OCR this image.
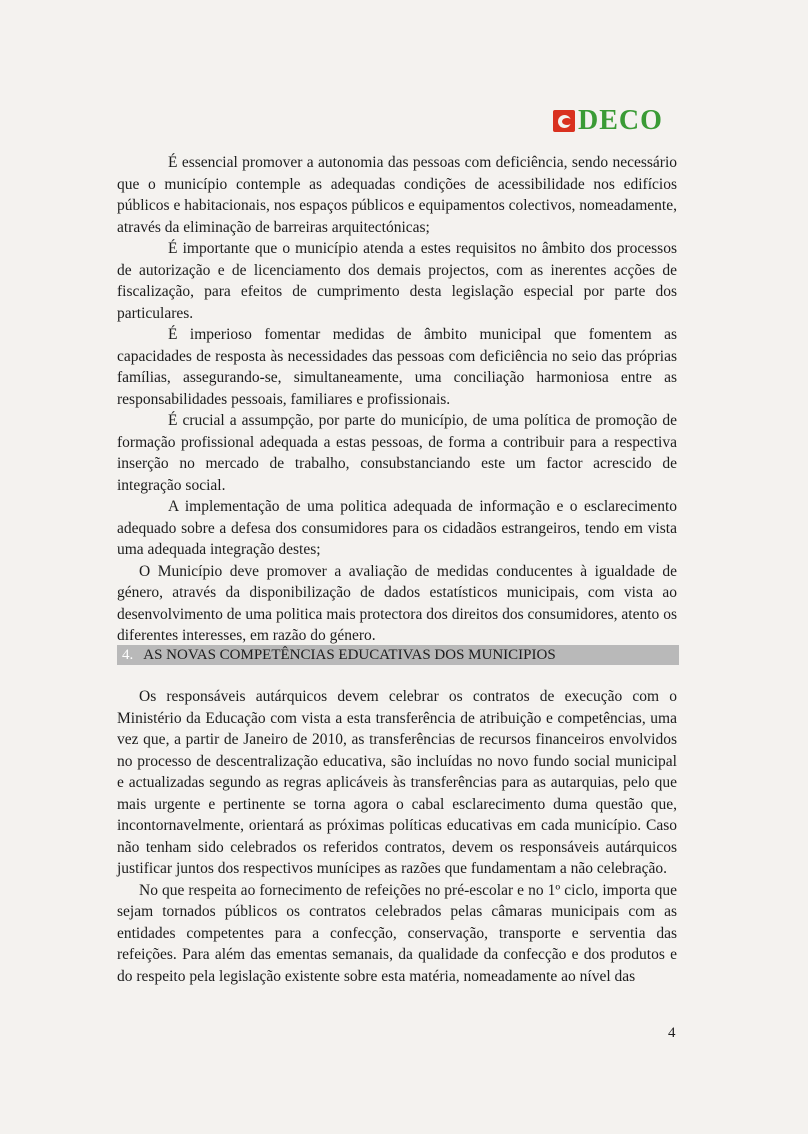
DECO

É essencial promover a autonomia das pessoas com deficiência, sendo necessário que o município contemple as adequadas condições de acessibilidade nos edifícios públicos e habitacionais, nos espaços públicos e equipamentos colectivos, nomeadamente, através da eliminação de barreiras arquitectónicas;

É importante que o município atenda a estes requisitos no âmbito dos processos de autorização e de licenciamento dos demais projectos, com as inerentes acções de fiscalização, para efeitos de cumprimento desta legislação especial por parte dos particulares.

É imperioso fomentar medidas de âmbito municipal que fomentem as capacidades de resposta às necessidades das pessoas com deficiência no seio das próprias famílias, assegurando-se, simultaneamente, uma conciliação harmoniosa entre as responsabilidades pessoais, familiares e profissionais.

É crucial a assumpção, por parte do município, de uma política de promoção de formação profissional adequada a estas pessoas, de forma a contribuir para a respectiva inserção no mercado de trabalho, consubstanciando este um factor acrescido de integração social.

A implementação de uma politica adequada de informação e o esclarecimento adequado sobre a defesa dos consumidores para os cidadãos estrangeiros, tendo em vista uma adequada integração destes;

O Município deve promover a avaliação de medidas conducentes à igualdade de género, através da disponibilização de dados estatísticos municipais, com vista ao desenvolvimento de uma politica mais protectora dos direitos dos consumidores, atento os diferentes interesses, em razão do género.

4. AS NOVAS COMPETÊNCIAS EDUCATIVAS DOS MUNICIPIOS

Os responsáveis autárquicos devem celebrar os contratos de execução com o Ministério da Educação com vista a esta transferência de atribuição e competências, uma vez que, a partir de Janeiro de 2010, as transferências de recursos financeiros envolvidos no processo de descentralização educativa, são incluídas no novo fundo social municipal e actualizadas segundo as regras aplicáveis às transferências para as autarquias, pelo que mais urgente e pertinente se torna agora o cabal esclarecimento duma questão que, incontornavelmente, orientará as próximas políticas educativas em cada município. Caso não tenham sido celebrados os referidos contratos, devem os responsáveis autárquicos justificar juntos dos respectivos munícipes as razões que fundamentam a não celebração.

No que respeita ao fornecimento de refeições no pré-escolar e no 1º ciclo, importa que sejam tornados públicos os contratos celebrados pelas câmaras municipais com as entidades competentes para a confecção, conservação, transporte e serventia das refeições. Para além das ementas semanais, da qualidade da confecção e dos produtos e do respeito pela legislação existente sobre esta matéria, nomeadamente ao nível das

4
